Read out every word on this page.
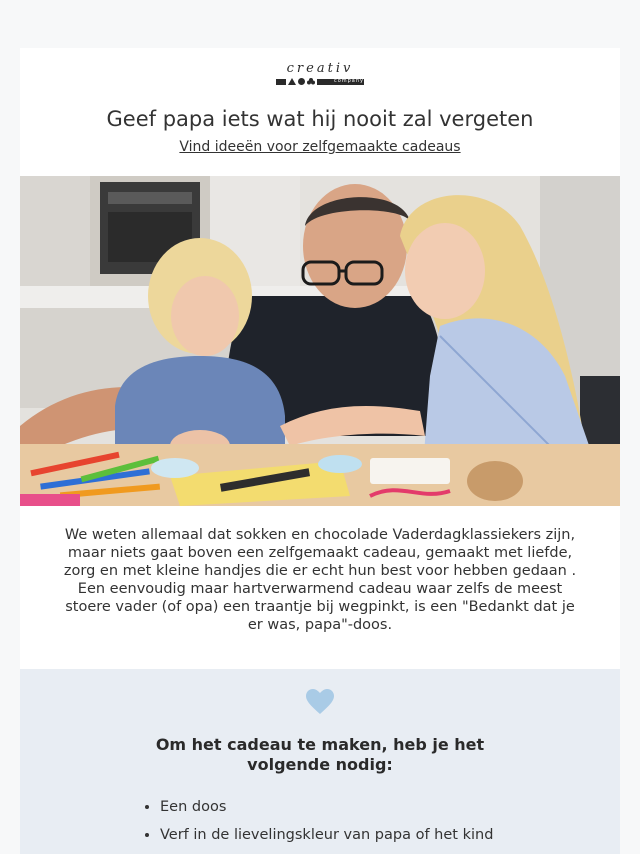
creativ
company
Geef papa iets wat hij nooit zal vergeten
Vind ideeën voor zelfgemaakte cadeaus

We weten allemaal dat sokken en chocolade Vaderdagklassiekers zijn, maar niets gaat boven een zelfgemaakt cadeau, gemaakt met liefde, zorg en met kleine handjes die er echt hun best voor hebben gedaan .

Een eenvoudig maar hartverwarmend cadeau waar zelfs de meest stoere vader (of opa) een traantje bij wegpinkt, is een "Bedankt dat je er was, papa"-doos.

Om het cadeau te maken, heb je het volgende nodig:
• Een doos
• Verf in de lievelingskleur van papa of het kind
